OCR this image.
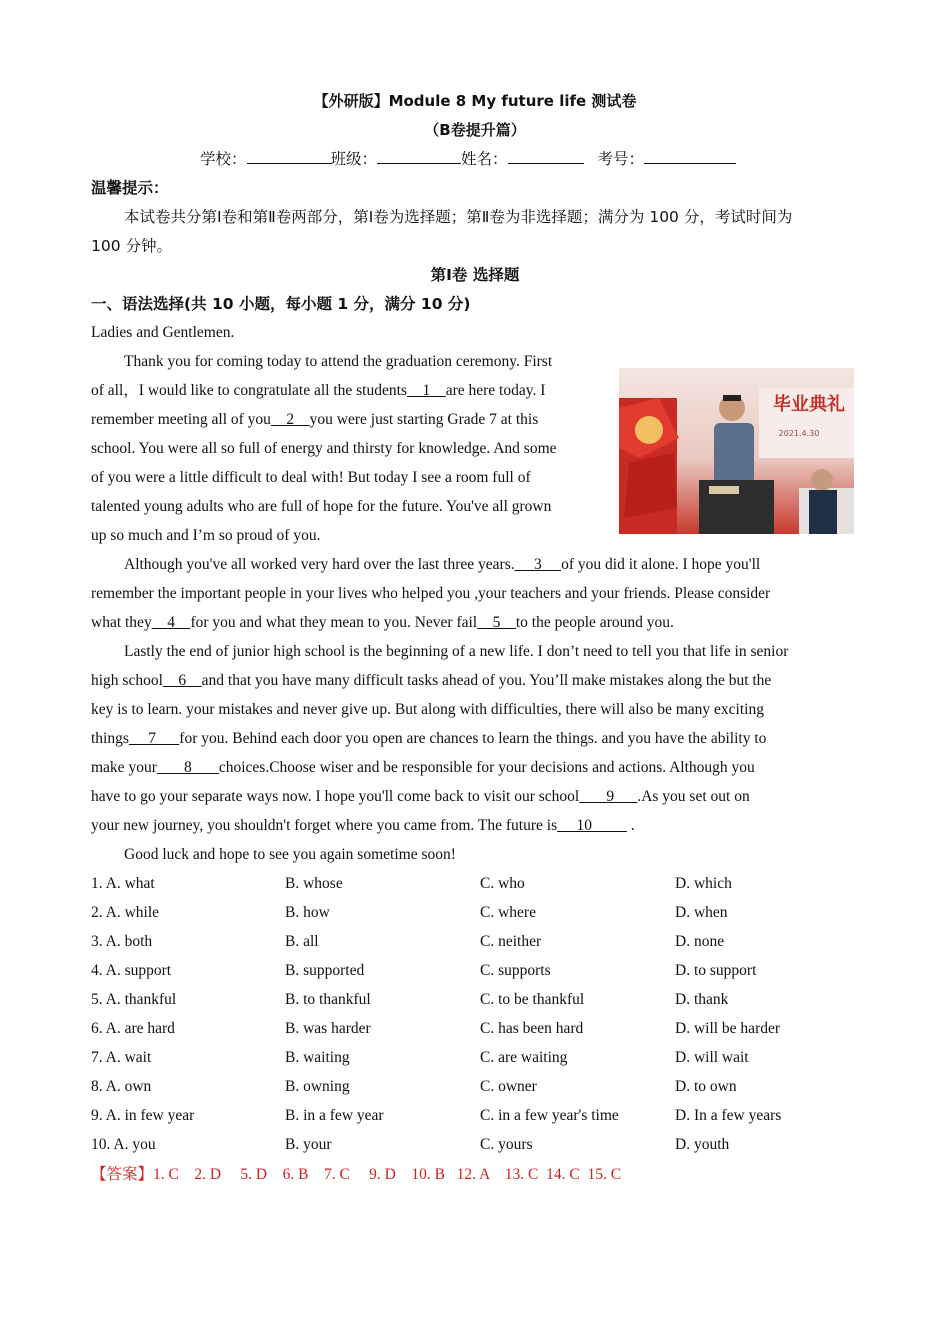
【外研版】Module 8 My future life 测试卷
（B卷提升篇）
学校：	班级：	姓名：	考号：
温馨提示：
本试卷共分第Ⅰ卷和第Ⅱ卷两部分，第Ⅰ卷为选择题；第Ⅱ卷为非选择题；满分为 100 分，考试时间为
100 分钟。
第Ⅰ卷 选择题
一、语法选择(共 10 小题，每小题 1 分，满分 10 分)
Ladies and Gentlemen.
Thank you for coming today to attend the graduation ceremony. First
of all，I would like to congratulate all the students 1 are here today. I
remember meeting all of you 2 you were just starting Grade 7 at this
school. You were all so full of energy and thirsty for knowledge. And some
of you were a little difficult to deal with! But today I see a room full of
talented young adults who are full of hope for the future. You've all grown
up so much and I’m so proud of you.
毕业典礼
2021.4.30
Although you've all worked very hard over the last three years. 3 of you did it alone. I hope you'll
remember the important people in your lives who helped you ,your teachers and your friends. Please consider
what they 4 for you and what they mean to you. Never fail 5 to the people around you.
Lastly the end of junior high school is the beginning of a new life. I don’t need to tell you that life in senior
high school 6 and that you have many difficult tasks ahead of you. You’ll make mistakes along the but the
key is to learn. your mistakes and never give up. But along with difficulties, there will also be many exciting
things 7 for you. Behind each door you open are chances to learn the things. and you have the ability to
make your 8 choices.Choose wiser and be responsible for your decisions and actions. Although you
have to go your separate ways now. I hope you'll come back to visit our school 9 .As you set out on
your new journey, you shouldn't forget where you came from. The future is 10          .
Good luck and hope to see you again sometime soon!
1. A. what	B. whose	C. who	D. which
2. A. while	B. how	C. where	D. when
3. A. both	B. all	C. neither	D. none
4. A. support	B. supported	C. supports	D. to support
5. A. thankful	B. to thankful	C. to be thankful	D. thank
6. A. are hard	B. was harder	C. has been hard	D. will be harder
7. A. wait	B. waiting	C. are waiting	D. will wait
8. A. own	B. owning	C. owner	D. to own
9. A. in few year	B. in a few year	C. in a few year's time	D. In a few years
10. A. you	B. your	C. yours	D. youth
【答案】1. C    2. D     5. D    6. B    7. C     9. D    10. B   12. A    13. C  14. C  15. C
